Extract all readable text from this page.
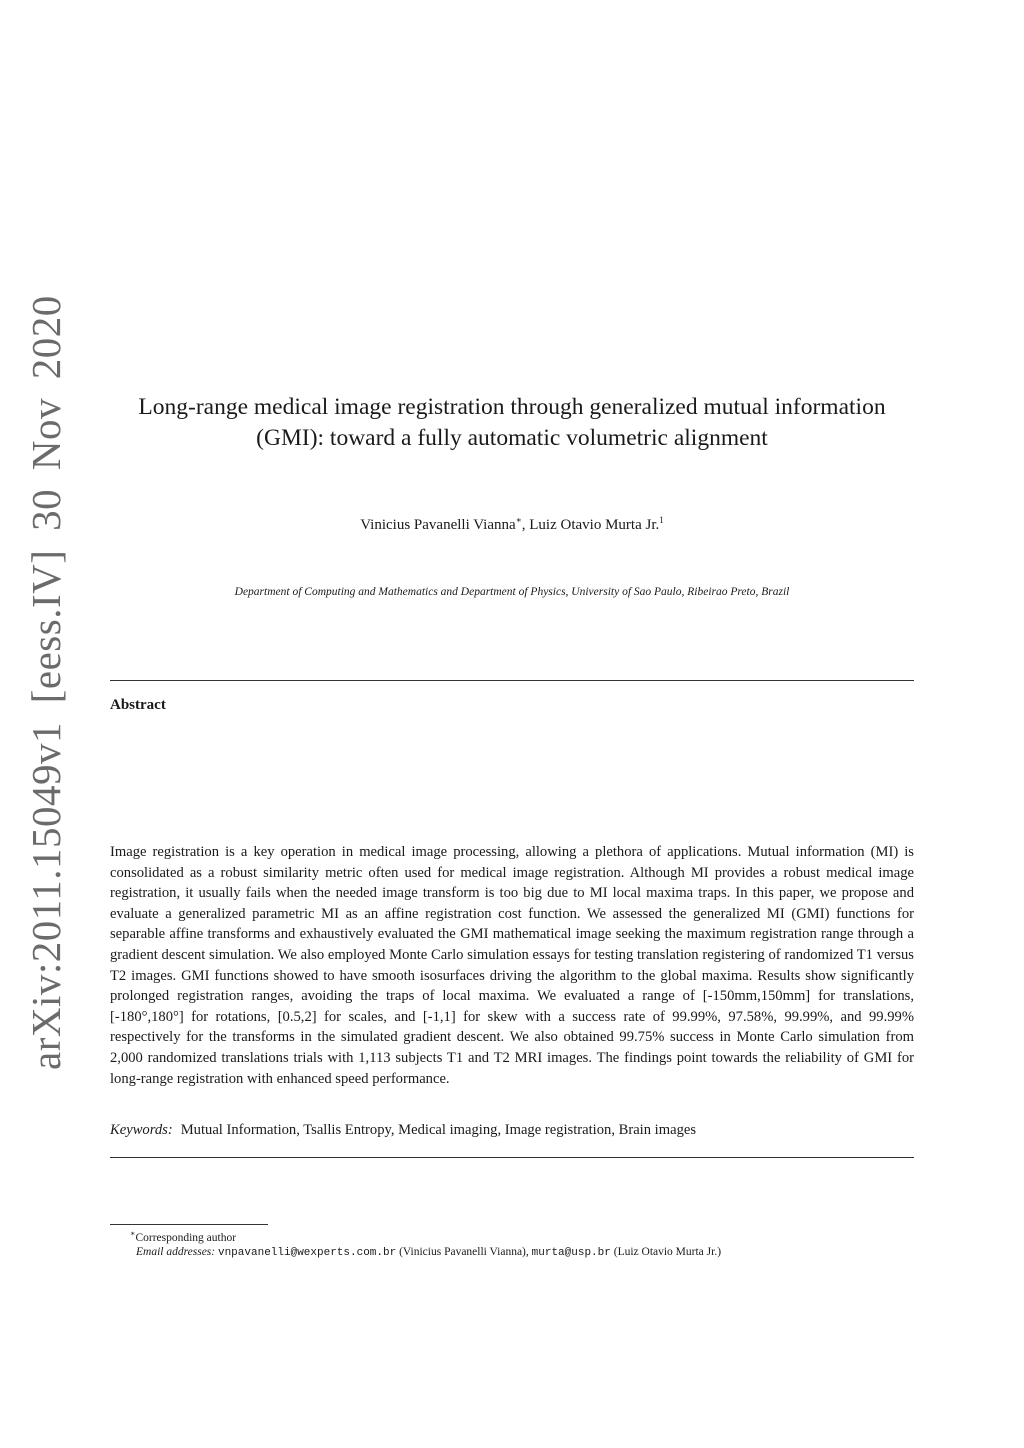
arXiv:2011.15049v1 [eess.IV] 30 Nov 2020	Long-range medical image registration through generalized mutual information
(GMI): toward a fully automatic volumetric alignment
Vinicius Pavanelli Vianna∗, Luiz Otavio Murta Jr.$^1$
Department of Computing and Mathematics and Department of Physics, University of Sao Paulo, Ribeirao Preto, Brazil
Abstract

Image registration is a key operation in medical image processing, allowing a plethora of applications. Mutual information (MI) is consolidated as a robust similarity metric often used for medical image registration. Although MI provides a robust medical image registration, it usually fails when the needed image transform is too big due to MI local maxima traps. In this paper, we propose and evaluate a generalized parametric MI as an affine registration cost function. We assessed the generalized MI (GMI) functions for separable affine transforms and exhaustively evaluated the GMI mathematical image seeking the maximum registration range through a gradient descent simulation. We also employed Monte Carlo simulation essays for testing translation registering of randomized T1 versus T2 images. GMI functions showed to have smooth isosurfaces driving the algorithm to the global maxima. Results show significantly prolonged registration ranges, avoiding the traps of local maxima. We evaluated a range of [-150mm,150mm] for translations, [-180°,180°] for rotations, [0.5,2] for scales, and [-1,1] for skew with a success rate of 99.99%, 97.58%, 99.99%, and 99.99% respectively for the transforms in the simulated gradient descent. We also obtained 99.75% success in Monte Carlo simulation from 2,000 randomized translations trials with 1,113 subjects T1 and T2 MRI images. The findings point towards the reliability of GMI for long-range registration with enhanced speed performance.

Keywords: Mutual Information, Tsallis Entropy, Medical imaging, Image registration, Brain images
∗Corresponding author
Email addresses: vnpavanelli@wexperts.com.br (Vinicius Pavanelli Vianna), murta@usp.br (Luiz Otavio Murta Jr.)
